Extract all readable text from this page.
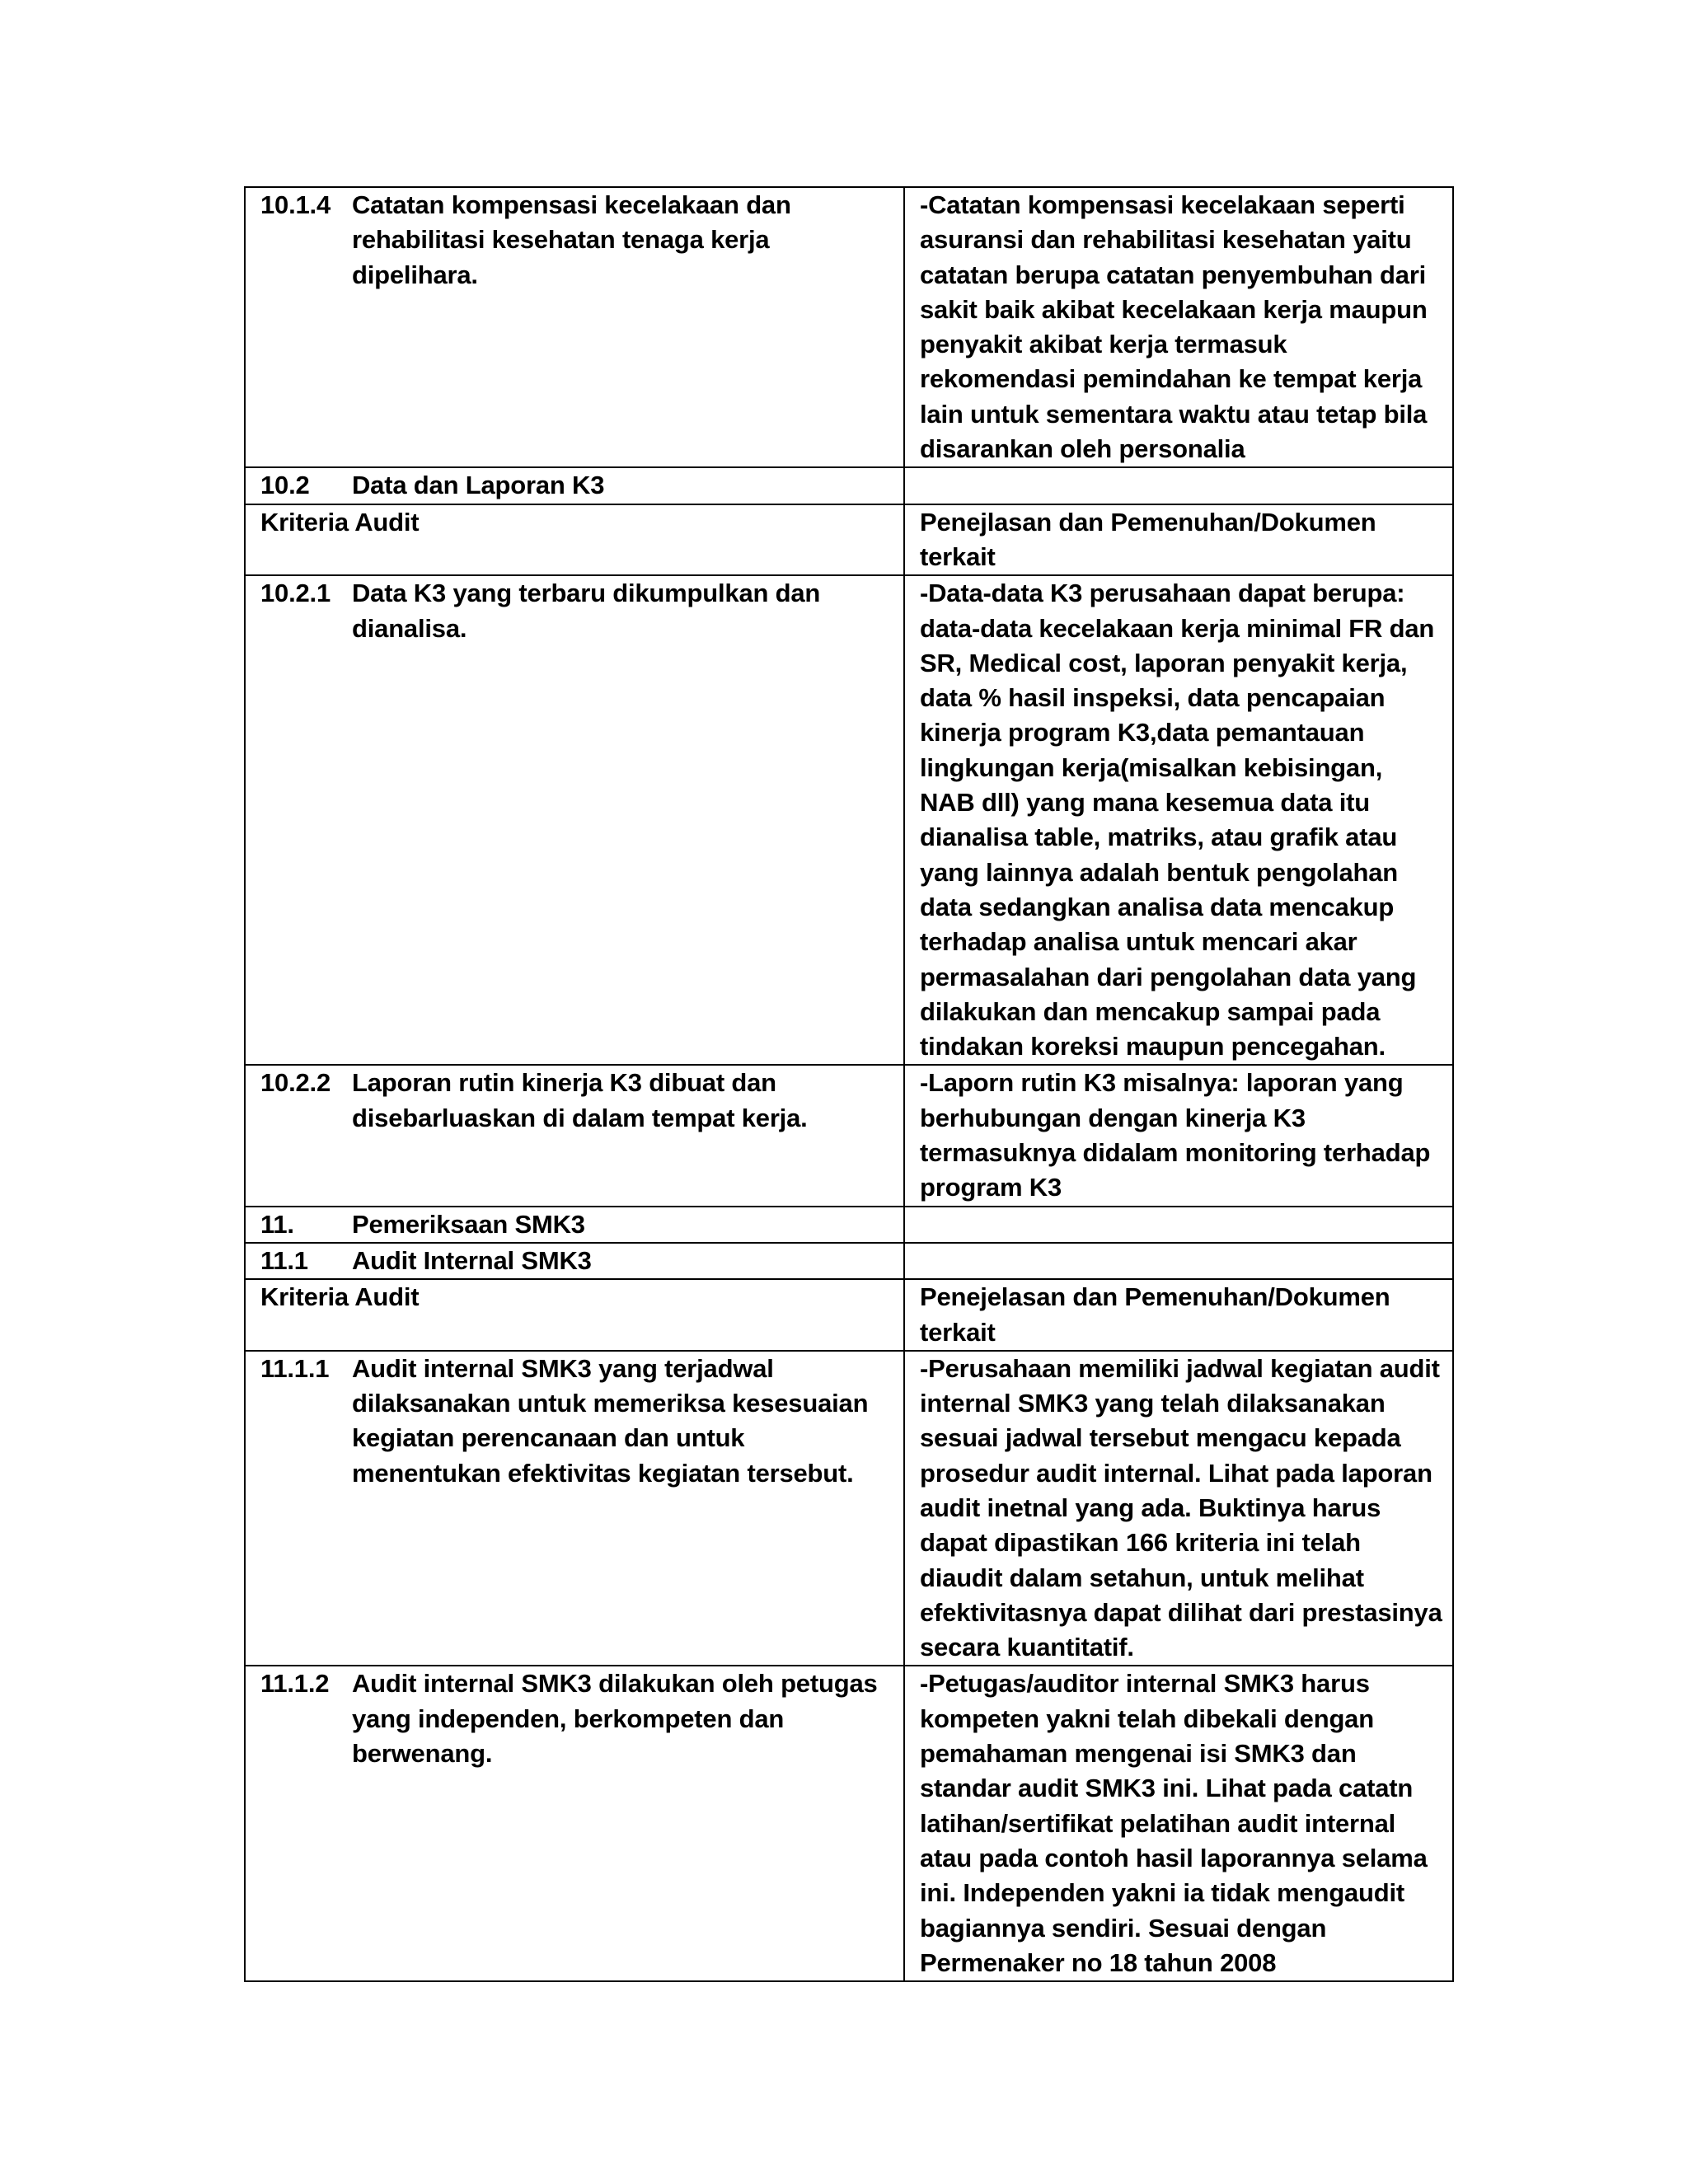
10.1.4	Catatan kompensasi kecelakaan dan rehabilitasi kesehatan tenaga kerja dipelihara.	-Catatan kompensasi kecelakaan seperti asuransi dan rehabilitasi kesehatan yaitu catatan berupa catatan penyembuhan dari sakit baik akibat kecelakaan kerja maupun penyakit akibat kerja termasuk rekomendasi pemindahan ke tempat kerja lain untuk sementara waktu atau tetap bila disarankan oleh personalia

10.2	Data dan Laporan K3	

Kriteria Audit		Penejlasan dan Pemenuhan/Dokumen terkait

10.2.1	Data K3 yang terbaru dikumpulkan dan dianalisa.	-Data-data K3 perusahaan dapat berupa: data-data kecelakaan kerja minimal FR dan SR, Medical cost, laporan penyakit kerja, data % hasil inspeksi, data pencapaian kinerja program K3,data pemantauan lingkungan kerja(misalkan kebisingan, NAB dll) yang mana kesemua data itu dianalisa table, matriks, atau grafik atau yang lainnya adalah bentuk pengolahan data sedangkan analisa data mencakup terhadap analisa untuk mencari akar permasalahan dari pengolahan data yang dilakukan dan mencakup sampai pada tindakan koreksi maupun pencegahan.

10.2.2	Laporan rutin kinerja K3 dibuat dan disebarluaskan di dalam tempat kerja.	-Laporn rutin K3 misalnya: laporan yang berhubungan dengan kinerja K3 termasuknya didalam monitoring terhadap program K3

11.	Pemeriksaan SMK3	

11.1	Audit Internal SMK3	

Kriteria Audit		Penejelasan dan Pemenuhan/Dokumen terkait

11.1.1	Audit internal SMK3 yang terjadwal dilaksanakan untuk memeriksa kesesuaian kegiatan perencanaan dan untuk menentukan efektivitas kegiatan tersebut.	-Perusahaan memiliki jadwal kegiatan audit internal SMK3 yang telah dilaksanakan sesuai jadwal tersebut mengacu kepada prosedur audit internal. Lihat pada laporan audit inetnal yang ada. Buktinya harus dapat dipastikan 166 kriteria ini telah diaudit dalam setahun, untuk melihat efektivitasnya dapat dilihat dari prestasinya secara kuantitatif.

11.1.2	Audit internal SMK3 dilakukan oleh petugas yang independen, berkompeten dan berwenang.	-Petugas/auditor internal SMK3 harus kompeten yakni telah dibekali dengan pemahaman mengenai isi SMK3 dan standar audit SMK3 ini. Lihat pada catatn latihan/sertifikat pelatihan audit internal atau pada contoh hasil laporannya selama ini. Independen yakni ia tidak mengaudit bagiannya sendiri. Sesuai dengan Permenaker no 18 tahun 2008
